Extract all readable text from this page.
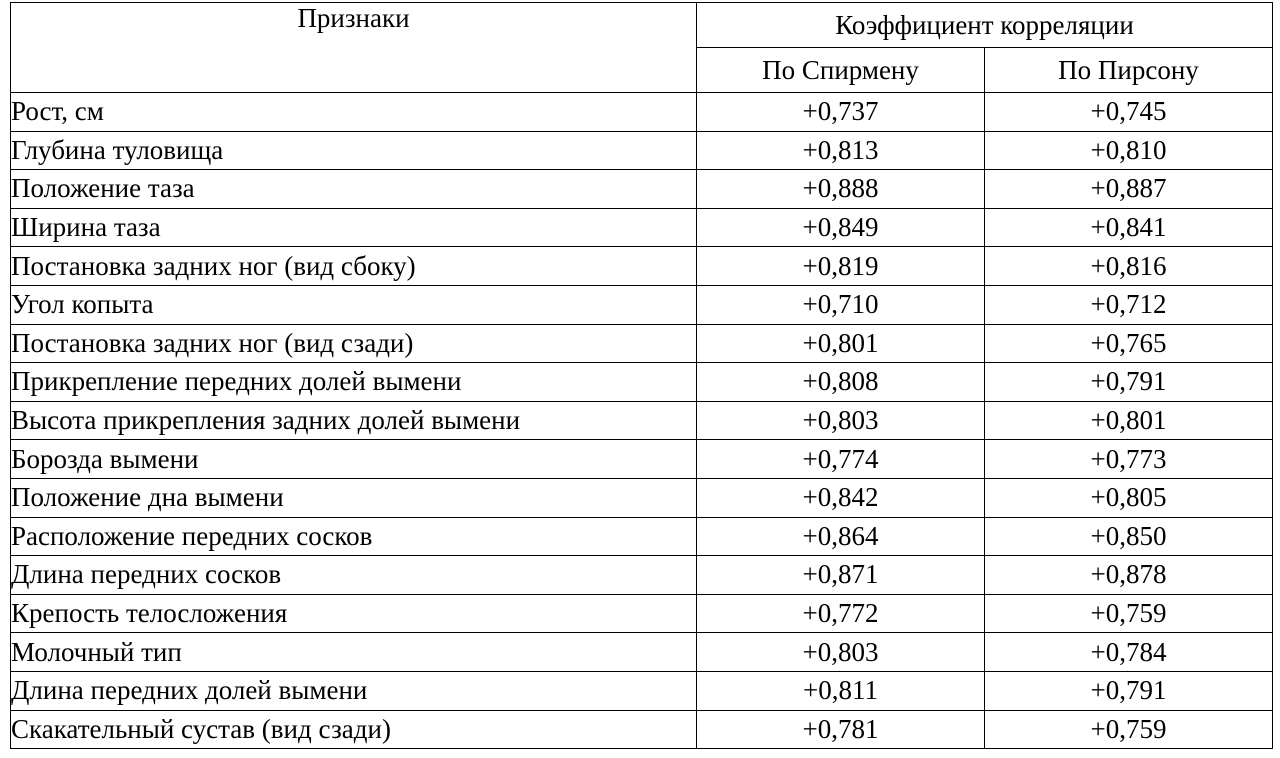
Признаки	Коэффициент корреляции	
	По Спирмену	По Пирсону
Рост, см	+0,737	+0,745
Глубина туловища	+0,813	+0,810
Положение таза	+0,888	+0,887
Ширина таза	+0,849	+0,841
Постановка задних ног (вид сбоку)	+0,819	+0,816
Угол копыта	+0,710	+0,712
Постановка задних ног (вид сзади)	+0,801	+0,765
Прикрепление передних долей вымени	+0,808	+0,791
Высота прикрепления задних долей вымени	+0,803	+0,801
Борозда вымени	+0,774	+0,773
Положение дна вымени	+0,842	+0,805
Расположение передних сосков	+0,864	+0,850
Длина передних сосков	+0,871	+0,878
Крепость телосложения	+0,772	+0,759
Молочный тип	+0,803	+0,784
Длина передних долей вымени	+0,811	+0,791
Скакательный сустав (вид сзади)	+0,781	+0,759
